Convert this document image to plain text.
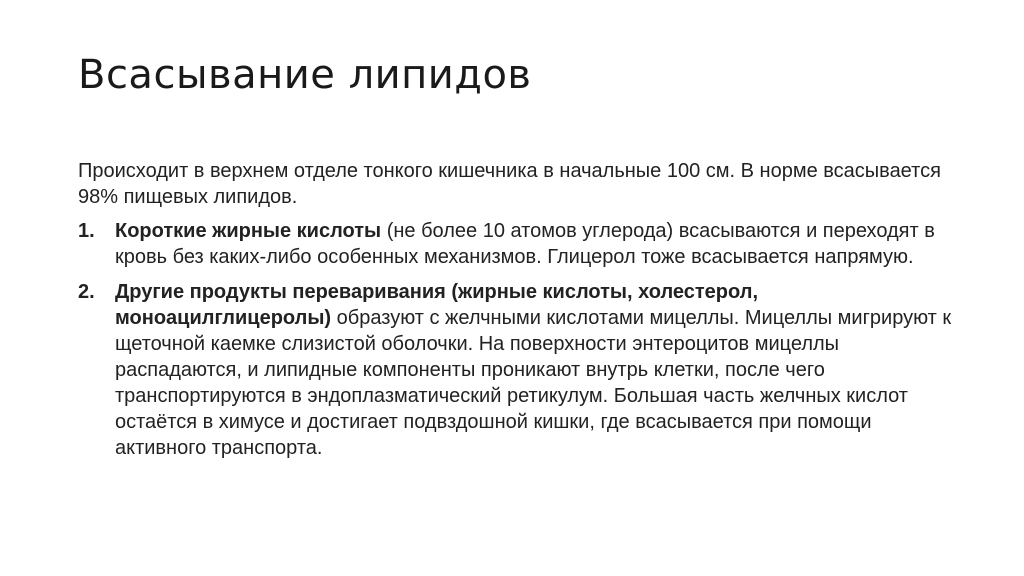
Всасывание липидов

Происходит в верхнем отделе тонкого кишечника в начальные 100 см. В норме всасывается 98% пищевых липидов.

1. Короткие жирные кислоты (не более 10 атомов углерода) всасываются и переходят в кровь без каких-либо особенных механизмов. Глицерол тоже всасывается напрямую.
2. Другие продукты переваривания (жирные кислоты, холестерол, моноацилглицеролы) образуют с желчными кислотами мицеллы. Мицеллы мигрируют к щеточной каемке слизистой оболочки. На поверхности энтероцитов мицеллы распадаются, и липидные компоненты проникают внутрь клетки, после чего транспортируются в эндоплазматический ретикулум. Большая часть желчных кислот остаётся в химусе и достигает подвздошной кишки, где всасывается при помощи активного транспорта.
